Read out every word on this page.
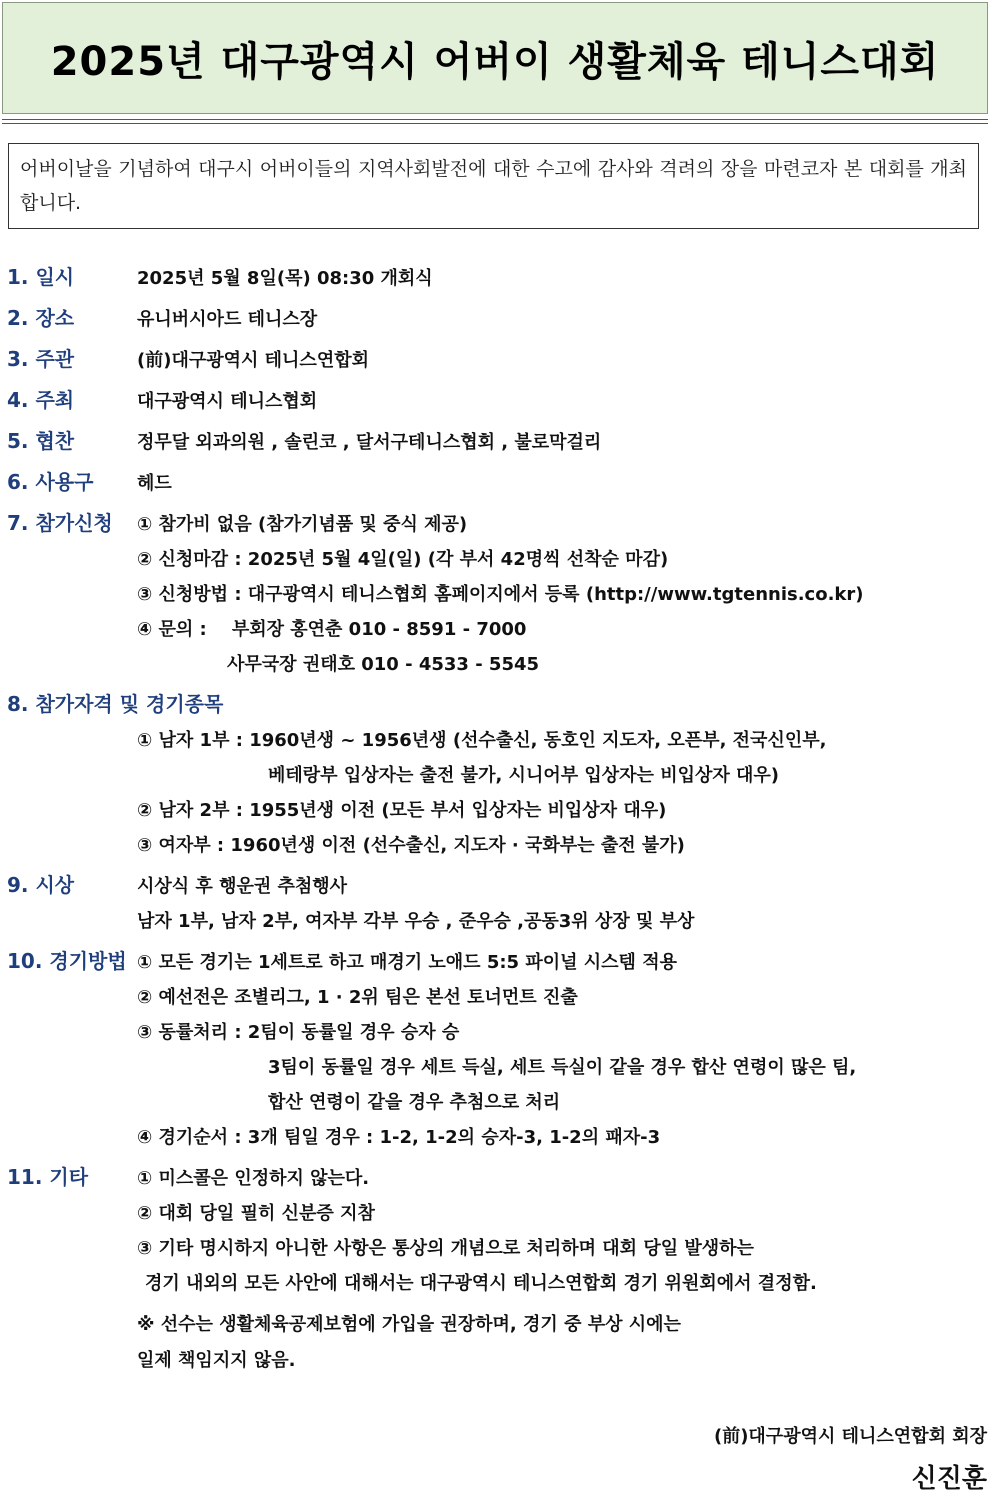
2025년 대구광역시 어버이 생활체육 테니스대회
어버이날을 기념하여 대구시 어버이들의 지역사회발전에 대한 수고에 감사와 격려의 장을 마련코자 본 대회를 개최합니다.
1. 일시	2025년 5월 8일(목) 08:30 개회식
2. 장소	유니버시아드 테니스장
3. 주관	(前)대구광역시 테니스연합회
4. 주최	대구광역시 테니스협회
5. 협찬	정무달 외과의원 , 솔린코 , 달서구테니스협회 , 불로막걸리
6. 사용구 헤드
7. 참가신청 ① 참가비 없음 (참가기념품 및 중식 제공)
② 신청마감 : 2025년 5월 4일(일) (각 부서 42명씩 선착순 마감)
③ 신청방법 : 대구광역시 테니스협회 홈페이지에서 등록 (http://www.tgtennis.co.kr)
④ 문의 :    부회장 홍연춘 010 - 8591 - 7000
사무국장 권태호 010 - 4533 - 5545
8. 참가자격 및 경기종목
① 남자 1부 : 1960년생 ~ 1956년생 (선수출신, 동호인 지도자, 오픈부, 전국신인부,
베테랑부 입상자는 출전 불가, 시니어부 입상자는 비입상자 대우)
② 남자 2부 : 1955년생 이전 (모든 부서 입상자는 비입상자 대우)
③ 여자부 : 1960년생 이전 (선수출신, 지도자 · 국화부는 출전 불가)
9. 시상	시상식 후 행운권 추첨행사
남자 1부, 남자 2부, 여자부 각부 우승 , 준우승 ,공동3위 상장 및 부상
10. 경기방법 ① 모든 경기는 1세트로 하고 매경기 노애드 5:5 파이널 시스템 적용
② 예선전은 조별리그, 1 · 2위 팀은 본선 토너먼트 진출
③ 동률처리 : 2팀이 동률일 경우 승자 승
3팀이 동률일 경우 세트 득실, 세트 득실이 같을 경우 합산 연령이 많은 팀,
합산 연령이 같을 경우 추첨으로 처리
④ 경기순서 : 3개 팀일 경우 : 1-2, 1-2의 승자-3, 1-2의 패자-3
11. 기타	① 미스콜은 인정하지 않는다.
② 대회 당일 필히 신분증 지참
③ 기타 명시하지 아니한 사항은 통상의 개념으로 처리하며 대회 당일 발생하는
경기 내외의 모든 사안에 대해서는 대구광역시 테니스연합회 경기 위원회에서 결정함.
※ 선수는 생활체육공제보험에 가입을 권장하며, 경기 중 부상 시에는
일제 책임지지 않음.
(前)대구광역시 테니스연합회 회장
신진훈
